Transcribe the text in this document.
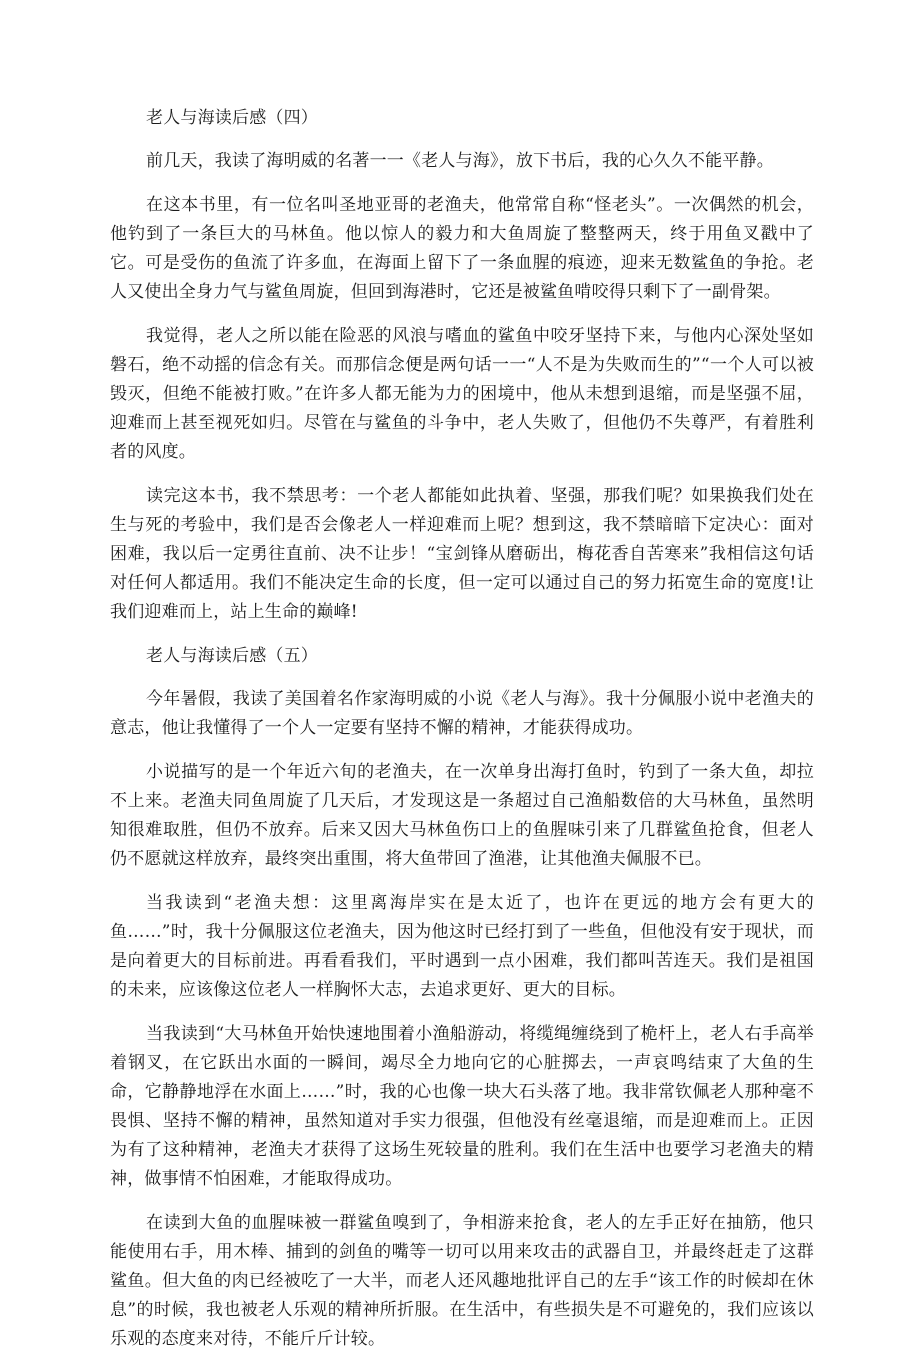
老人与海读后感（四）

前几天，我读了海明威的名著一一《老人与海》，放下书后，我的心久久不能平静。

在这本书里，有一位名叫圣地亚哥的老渔夫，他常常自称“怪老头”。一次偶然的机会，他钓到了一条巨大的马林鱼。他以惊人的毅力和大鱼周旋了整整两天，终于用鱼叉戳中了它。可是受伤的鱼流了许多血，在海面上留下了一条血腥的痕迹，迎来无数鲨鱼的争抢。老人又使出全身力气与鲨鱼周旋，但回到海港时，它还是被鲨鱼啃咬得只剩下了一副骨架。

我觉得，老人之所以能在险恶的风浪与嗜血的鲨鱼中咬牙坚持下来，与他内心深处坚如磐石，绝不动摇的信念有关。而那信念便是两句话一一“人不是为失败而生的”“一个人可以被毁灭，但绝不能被打败。”在许多人都无能为力的困境中，他从未想到退缩，而是坚强不屈，迎难而上甚至视死如归。尽管在与鲨鱼的斗争中，老人失败了，但他仍不失尊严，有着胜利者的风度。

读完这本书，我不禁思考：一个老人都能如此执着、坚强，那我们呢？如果换我们处在生与死的考验中，我们是否会像老人一样迎难而上呢？想到这，我不禁暗暗下定决心：面对困难，我以后一定勇往直前、决不让步！“宝剑锋从磨砺出，梅花香自苦寒来”我相信这句话对任何人都适用。我们不能决定生命的长度，但一定可以通过自己的努力拓宽生命的宽度!让我们迎难而上，站上生命的巅峰!

老人与海读后感（五）

今年暑假，我读了美国着名作家海明威的小说《老人与海》。我十分佩服小说中老渔夫的意志，他让我懂得了一个人一定要有坚持不懈的精神，才能获得成功。

小说描写的是一个年近六旬的老渔夫，在一次单身出海打鱼时，钓到了一条大鱼，却拉不上来。老渔夫同鱼周旋了几天后，才发现这是一条超过自己渔船数倍的大马林鱼，虽然明知很难取胜，但仍不放弃。后来又因大马林鱼伤口上的鱼腥味引来了几群鲨鱼抢食，但老人仍不愿就这样放弃，最终突出重围，将大鱼带回了渔港，让其他渔夫佩服不已。

当我读到“老渔夫想：这里离海岸实在是太近了，也许在更远的地方会有更大的鱼……”时，我十分佩服这位老渔夫，因为他这时已经打到了一些鱼，但他没有安于现状，而是向着更大的目标前进。再看看我们，平时遇到一点小困难，我们都叫苦连天。我们是祖国的未来，应该像这位老人一样胸怀大志，去追求更好、更大的目标。

当我读到“大马林鱼开始快速地围着小渔船游动，将缆绳缠绕到了桅杆上，老人右手高举着钢叉，在它跃出水面的一瞬间，竭尽全力地向它的心脏掷去，一声哀鸣结束了大鱼的生命，它静静地浮在水面上……”时，我的心也像一块大石头落了地。我非常钦佩老人那种毫不畏惧、坚持不懈的精神，虽然知道对手实力很强，但他没有丝毫退缩，而是迎难而上。正因为有了这种精神，老渔夫才获得了这场生死较量的胜利。我们在生活中也要学习老渔夫的精神，做事情不怕困难，才能取得成功。

在读到大鱼的血腥味被一群鲨鱼嗅到了，争相游来抢食，老人的左手正好在抽筋，他只能使用右手，用木棒、捕到的剑鱼的嘴等一切可以用来攻击的武器自卫，并最终赶走了这群鲨鱼。但大鱼的肉已经被吃了一大半，而老人还风趣地批评自己的左手“该工作的时候却在休息”的时候，我也被老人乐观的精神所折服。在生活中，有些损失是不可避免的，我们应该以乐观的态度来对待，不能斤斤计较。
